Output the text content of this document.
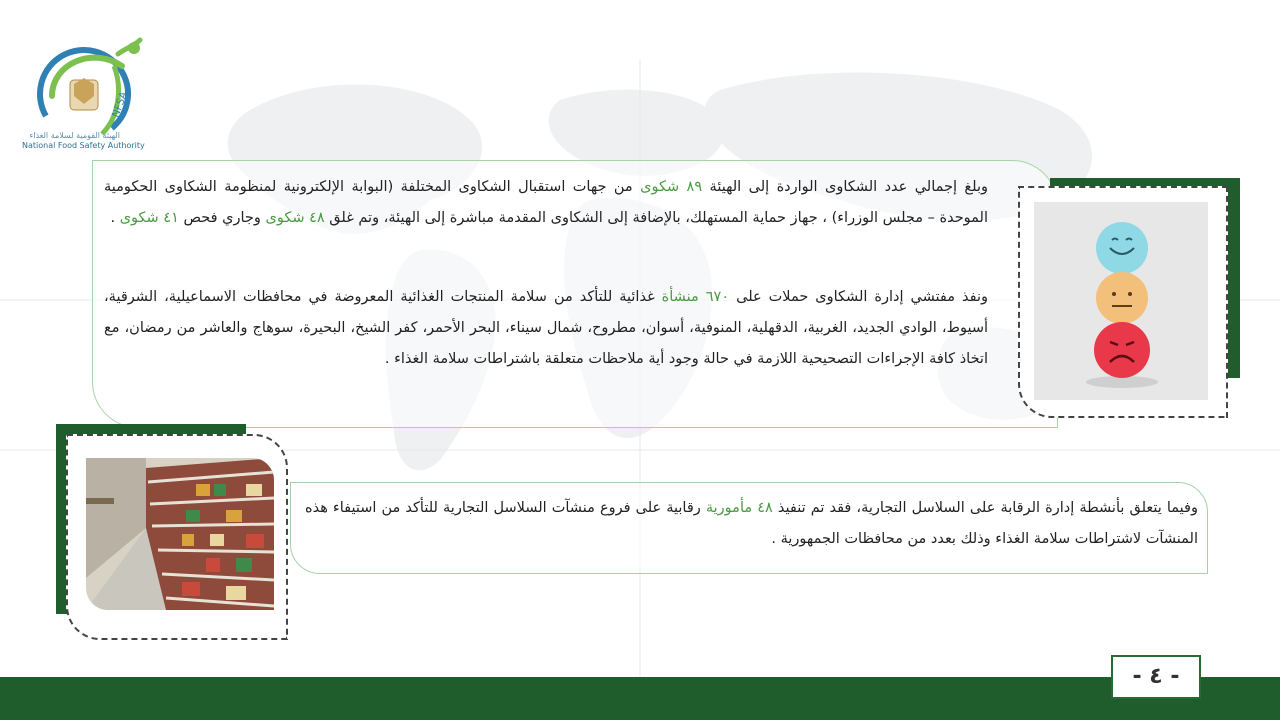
NFSA
الهيئة القومية لسلامة الغذاء
National Food Safety Authority

وبلغ إجمالي عدد الشكاوى الواردة إلى الهيئة ٨٩ شكوى من جهات استقبال الشكاوى المختلفة (البوابة الإلكترونية لمنظومة الشكاوى الحكومية الموحدة – مجلس الوزراء) ، جهاز حماية المستهلك، بالإضافة إلى الشكاوى المقدمة مباشرة إلى الهيئة، وتم غلق ٤٨ شكوى وجاري فحص ٤١ شكوى .

ونفذ مفتشي إدارة الشكاوى حملات على ٦٧٠ منشأة غذائية للتأكد من سلامة المنتجات الغذائية المعروضة في محافظات الاسماعيلية، الشرقية، أسيوط، الوادي الجديد، الغربية، الدقهلية، المنوفية، أسوان، مطروح، شمال سيناء، البحر الأحمر، كفر الشيخ، البحيرة، سوهاج والعاشر من رمضان، مع اتخاذ كافة الإجراءات التصحيحية اللازمة في حالة وجود أية ملاحظات متعلقة باشتراطات سلامة الغذاء .

وفيما يتعلق بأنشطة إدارة الرقابة على السلاسل التجارية، فقد تم تنفيذ ٤٨ مأمورية رقابية على فروع منشآت السلاسل التجارية للتأكد من استيفاء هذه المنشآت لاشتراطات سلامة الغذاء وذلك بعدد من محافظات الجمهورية .

- ٤ -
